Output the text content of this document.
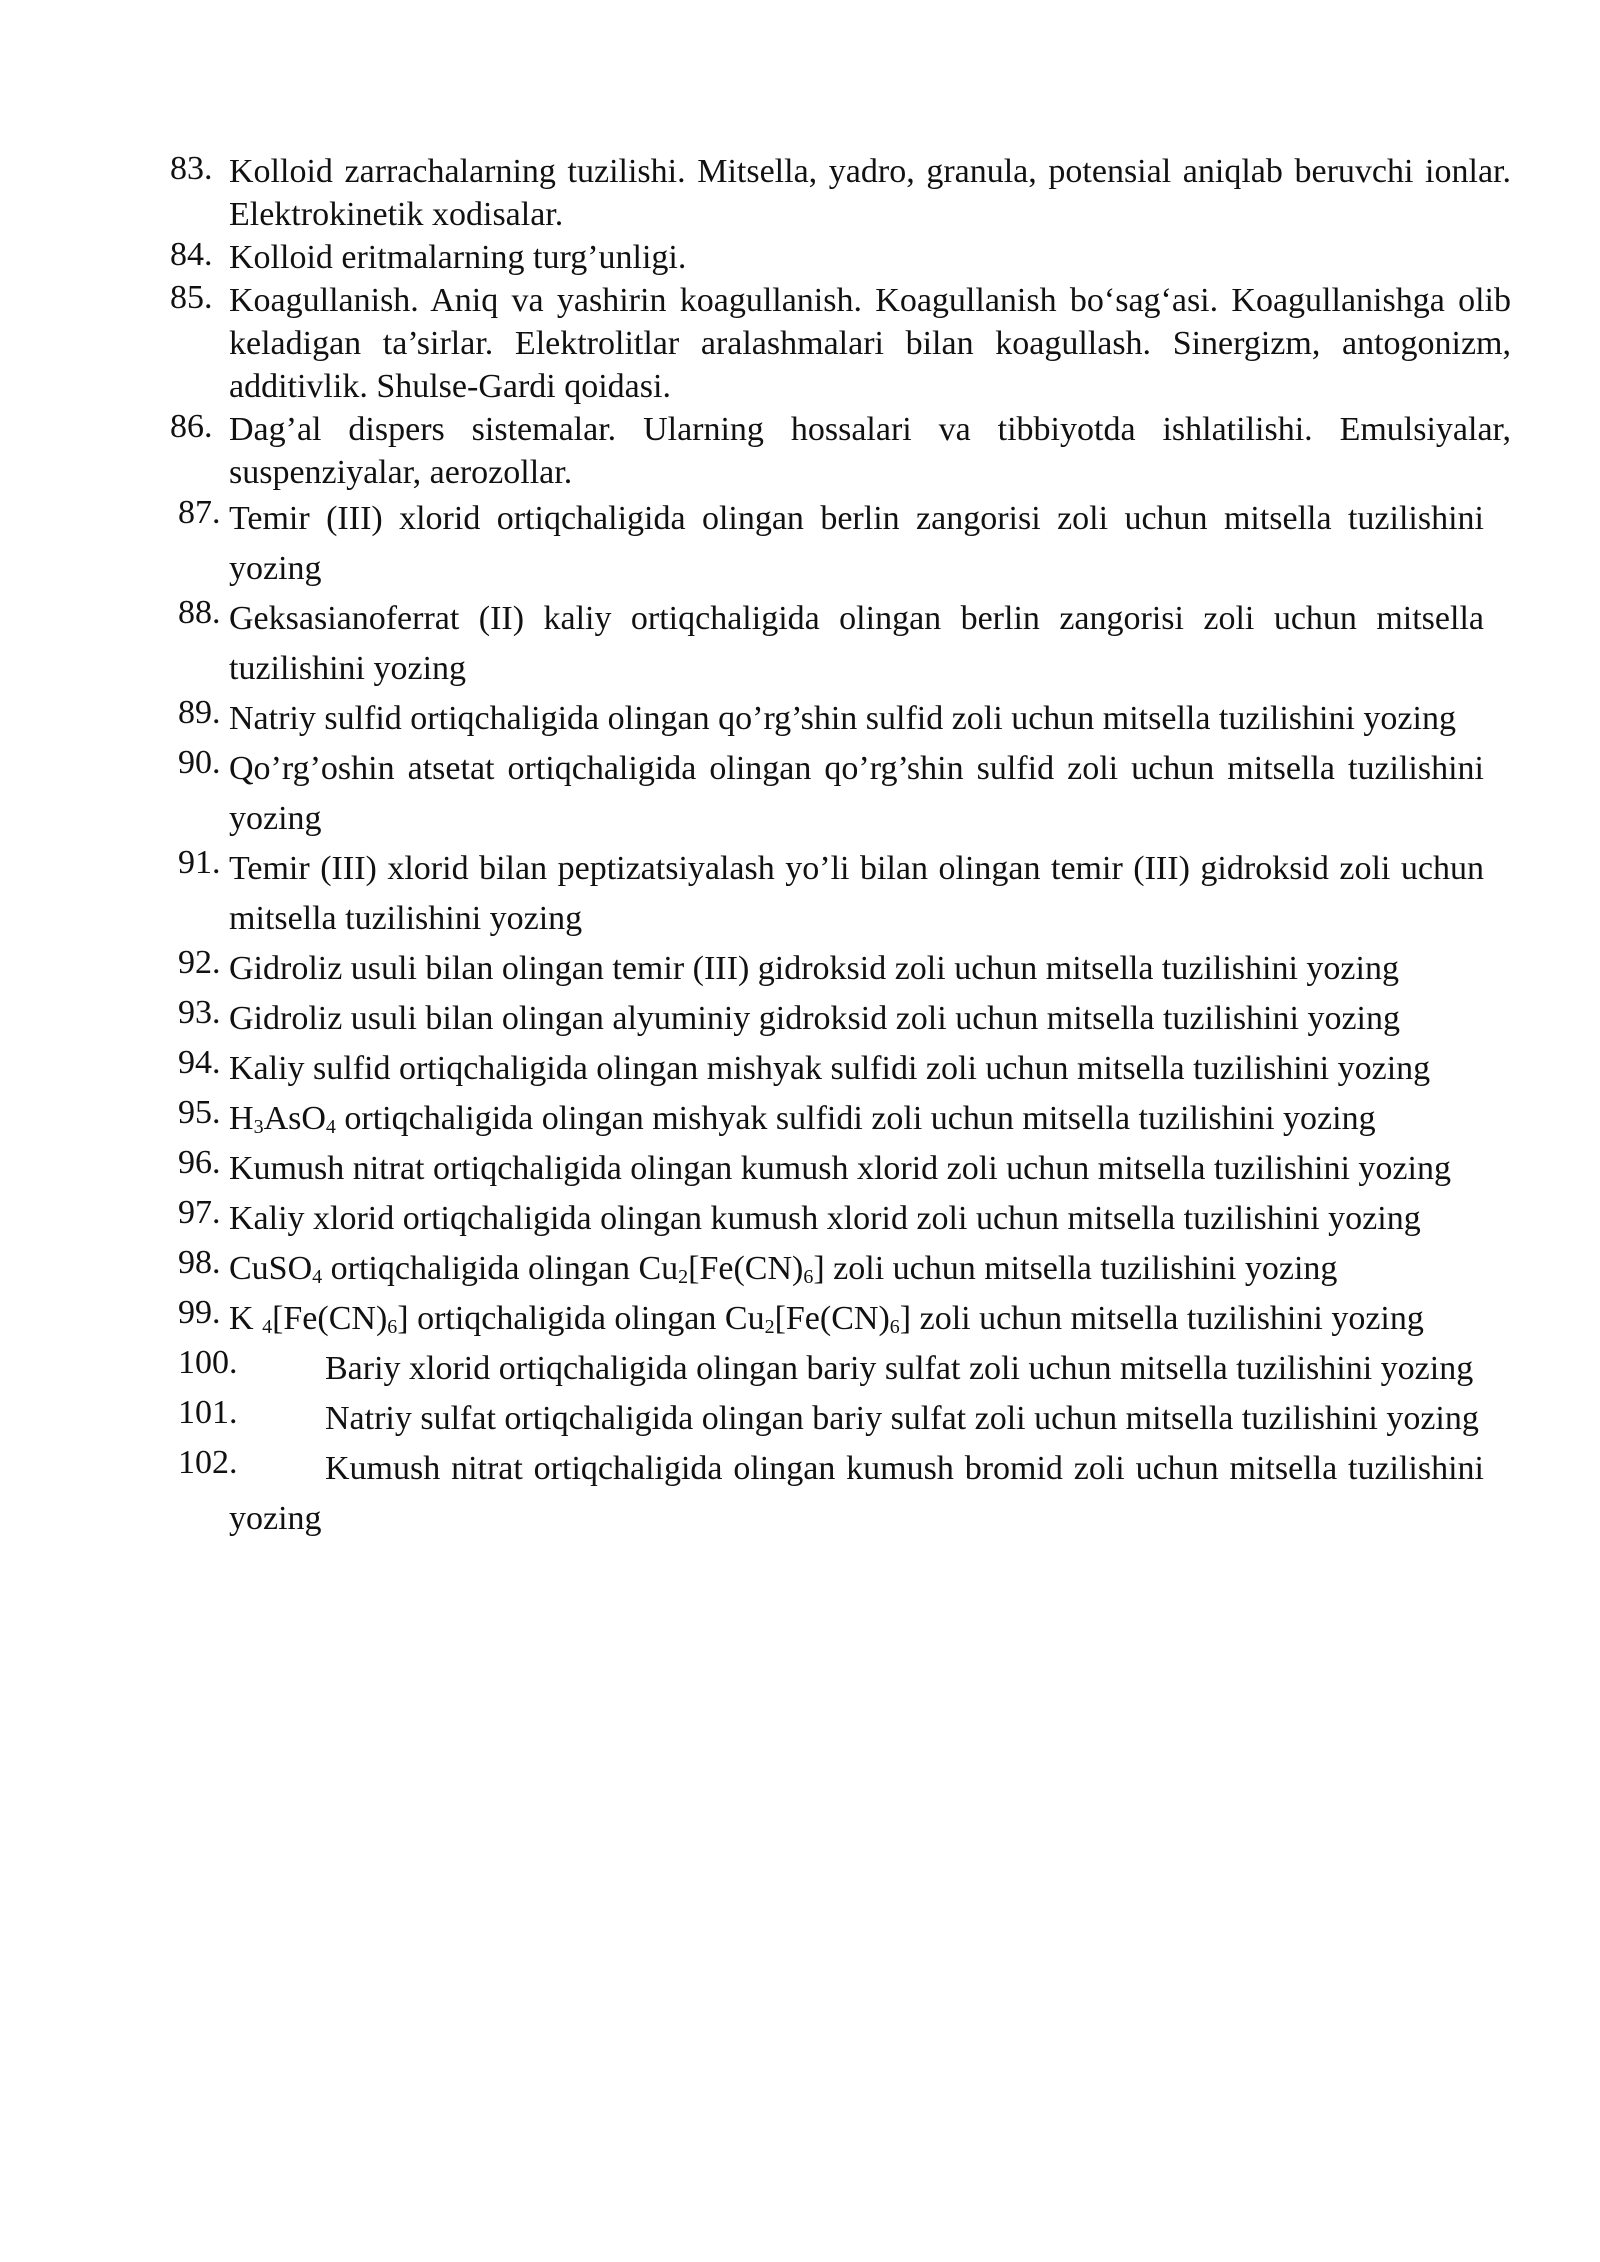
83. Kolloid zarrachalarning tuzilishi. Mitsella, yadro, granula, potensial aniqlab beruvchi ionlar. Elektrokinetik xodisalar.
84. Kolloid eritmalarning turg’unligi.
85. Koagullanish. Aniq va yashirin koagullanish. Koagullanish bo‘sag‘asi. Koagullanishga olib keladigan ta’sirlar. Elektrolitlar aralashmalari bilan koagullash. Sinergizm, antogonizm, additivlik. Shulse-Gardi qoidasi.
86. Dag’al dispers sistemalar. Ularning hossalari va tibbiyotda ishlatilishi. Emulsiyalar, suspenziyalar, aerozollar.
87. Temir (III) xlorid ortiqchaligida olingan berlin zangorisi zoli uchun mitsella tuzilishini yozing
88. Geksasianoferrat (II) kaliy ortiqchaligida olingan berlin zangorisi zoli uchun mitsella tuzilishini yozing
89. Natriy sulfid ortiqchaligida olingan qo’rg’shin sulfid zoli uchun mitsella tuzilishini yozing
90. Qo’rg’oshin atsetat ortiqchaligida olingan qo’rg’shin sulfid zoli uchun mitsella tuzilishini yozing
91. Temir (III) xlorid bilan peptizatsiyalash yo’li bilan olingan temir (III) gidroksid zoli uchun mitsella tuzilishini yozing
92. Gidroliz usuli bilan olingan temir (III) gidroksid zoli uchun mitsella tuzilishini yozing
93. Gidroliz usuli bilan olingan alyuminiy gidroksid zoli uchun mitsella tuzilishini yozing
94. Kaliy sulfid ortiqchaligida olingan mishyak sulfidi zoli uchun mitsella tuzilishini yozing
95. $H_3AsO_4$ ortiqchaligida olingan mishyak sulfidi zoli uchun mitsella tuzilishini yozing
96. Kumush nitrat ortiqchaligida olingan kumush xlorid zoli uchun mitsella tuzilishini yozing
97. Kaliy xlorid ortiqchaligida olingan kumush xlorid zoli uchun mitsella tuzilishini yozing
98. CuSO$_4$ ortiqchaligida olingan $Cu_2[Fe(CN)_6]$ zoli uchun mitsella tuzilishini yozing
99. K $_4[Fe(CN)_6]$ ortiqchaligida olingan $Cu_2[Fe(CN)_6]$ zoli uchun mitsella tuzilishini yozing
100.	Bariy xlorid ortiqchaligida olingan bariy sulfat zoli uchun mitsella tuzilishini yozing
101.	Natriy sulfat ortiqchaligida olingan bariy sulfat zoli uchun mitsella tuzilishini yozing
102.	Kumush nitrat ortiqchaligida olingan kumush bromid zoli uchun mitsella tuzilishini yozing
